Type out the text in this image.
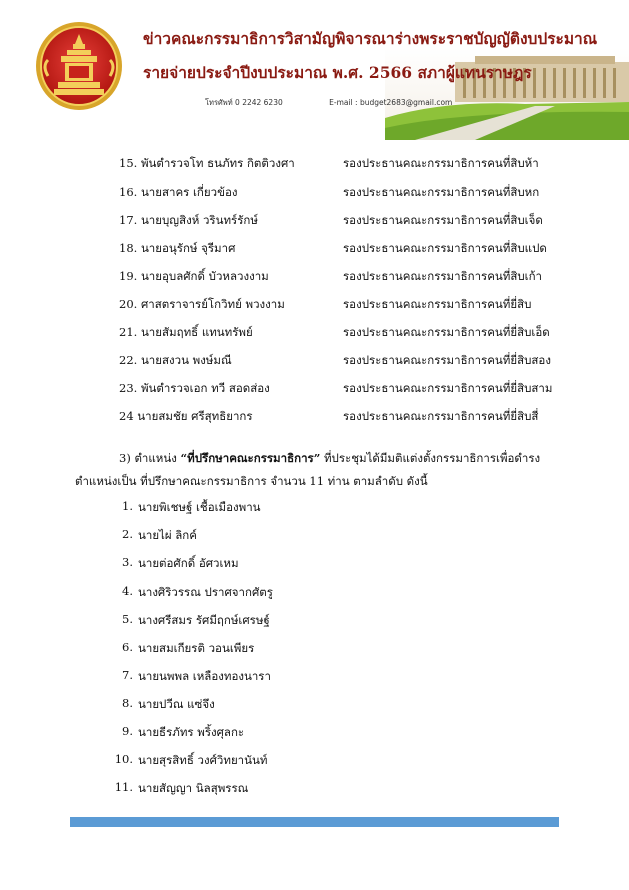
ข่าวคณะกรรมาธิการวิสามัญพิจารณาร่างพระราชบัญญัติงบประมาณ
รายจ่ายประจำปีงบประมาณ พ.ศ. 2566 สภาผู้แทนราษฎร
โทรศัพท์ 0 2242 6230	E-mail : budget2683@gmail.com
15. พันตำรวจโท ธนภัทร กิตติวงศา	รองประธานคณะกรรมาธิการคนที่สิบห้า
16. นายสาคร เกี่ยวข้อง	รองประธานคณะกรรมาธิการคนที่สิบหก
17. นายบุญสิงห์ วรินทร์รักษ์	รองประธานคณะกรรมาธิการคนที่สิบเจ็ด
18. นายอนุรักษ์ จุรีมาศ	รองประธานคณะกรรมาธิการคนที่สิบแปด
19. นายอุบลศักดิ์ บัวหลวงงาม	รองประธานคณะกรรมาธิการคนที่สิบเก้า
20. ศาสตราจารย์โกวิทย์ พวงงาม	รองประธานคณะกรรมาธิการคนที่ยี่สิบ
21. นายสัมฤทธิ์ แทนทรัพย์	รองประธานคณะกรรมาธิการคนที่ยี่สิบเอ็ด
22. นายสงวน พงษ์มณี	รองประธานคณะกรรมาธิการคนที่ยี่สิบสอง
23. พันตำรวจเอก ทวี สอดส่อง	รองประธานคณะกรรมาธิการคนที่ยี่สิบสาม
24 นายสมชัย ศรีสุทธิยากร	รองประธานคณะกรรมาธิการคนที่ยี่สิบสี่
3) ตำแหน่ง “ที่ปรึกษาคณะกรรมาธิการ” ที่ประชุมได้มีมติแต่งตั้งกรรมาธิการเพื่อดำรง
ตำแหน่งเป็น ที่ปรึกษาคณะกรรมาธิการ จำนวน 11 ท่าน ตามลำดับ ดังนี้
1. นายพิเชษฐ์ เชื้อเมืองพาน
2. นายไผ่ ลิกค์
3. นายต่อศักดิ์ อัศวเหม
4. นางศิริวรรณ ปราศจากศัตรู
5. นางศรีสมร รัศมีฤกษ์เศรษฐ์
6. นายสมเกียรติ วอนเพียร
7. นายนพพล เหลืองทองนารา
8. นายปวีณ แซ่จึง
9. นายธีรภัทร พริ้งศุลกะ
10. นายสุรสิทธิ์ วงศ์วิทยานันท์
11. นายสัญญา นิลสุพรรณ
